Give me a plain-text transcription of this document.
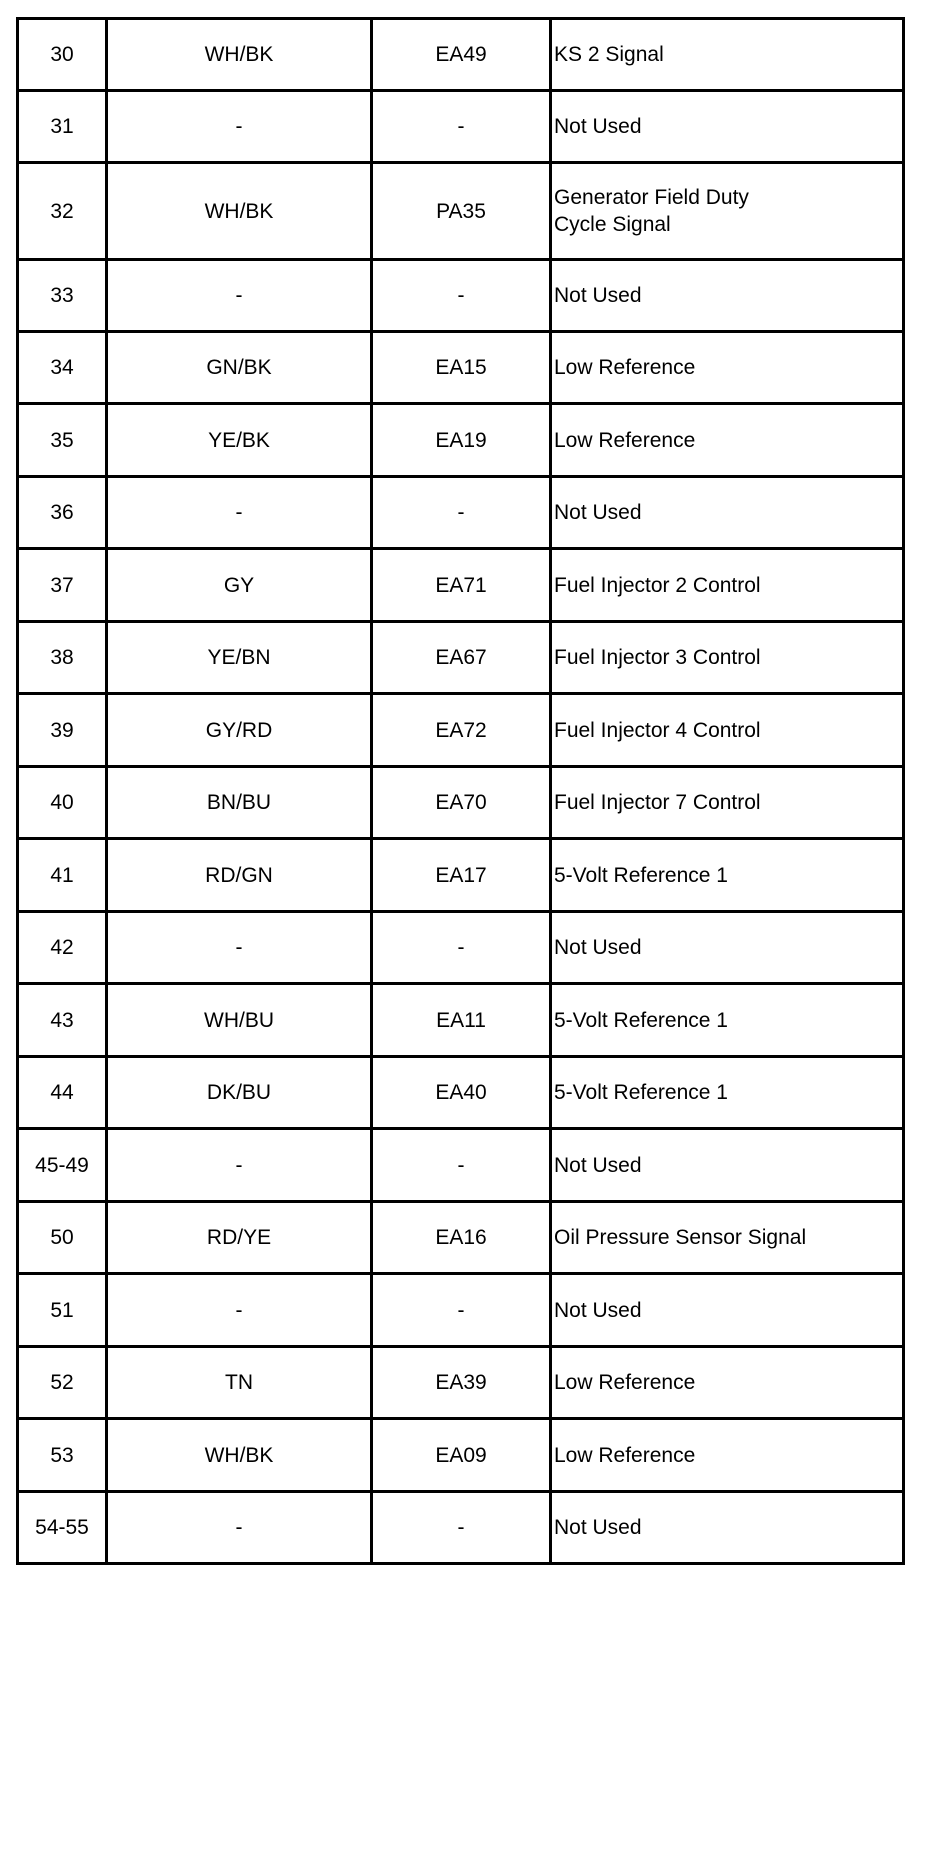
30	WH/BK	EA49	KS 2 Signal
31	-	-	Not Used
32	WH/BK	PA35	Generator Field Duty
Cycle Signal
33	-	-	Not Used
34	GN/BK	EA15	Low Reference
35	YE/BK	EA19	Low Reference
36	-	-	Not Used
37	GY	EA71	Fuel Injector 2 Control
38	YE/BN	EA67	Fuel Injector 3 Control
39	GY/RD	EA72	Fuel Injector 4 Control
40	BN/BU	EA70	Fuel Injector 7 Control
41	RD/GN	EA17	5-Volt Reference 1
42	-	-	Not Used
43	WH/BU	EA11	5-Volt Reference 1
44	DK/BU	EA40	5-Volt Reference 1
45-49	-	-	Not Used
50	RD/YE	EA16	Oil Pressure Sensor Signal
51	-	-	Not Used
52	TN	EA39	Low Reference
53	WH/BK	EA09	Low Reference
54-55	-	-	Not Used
